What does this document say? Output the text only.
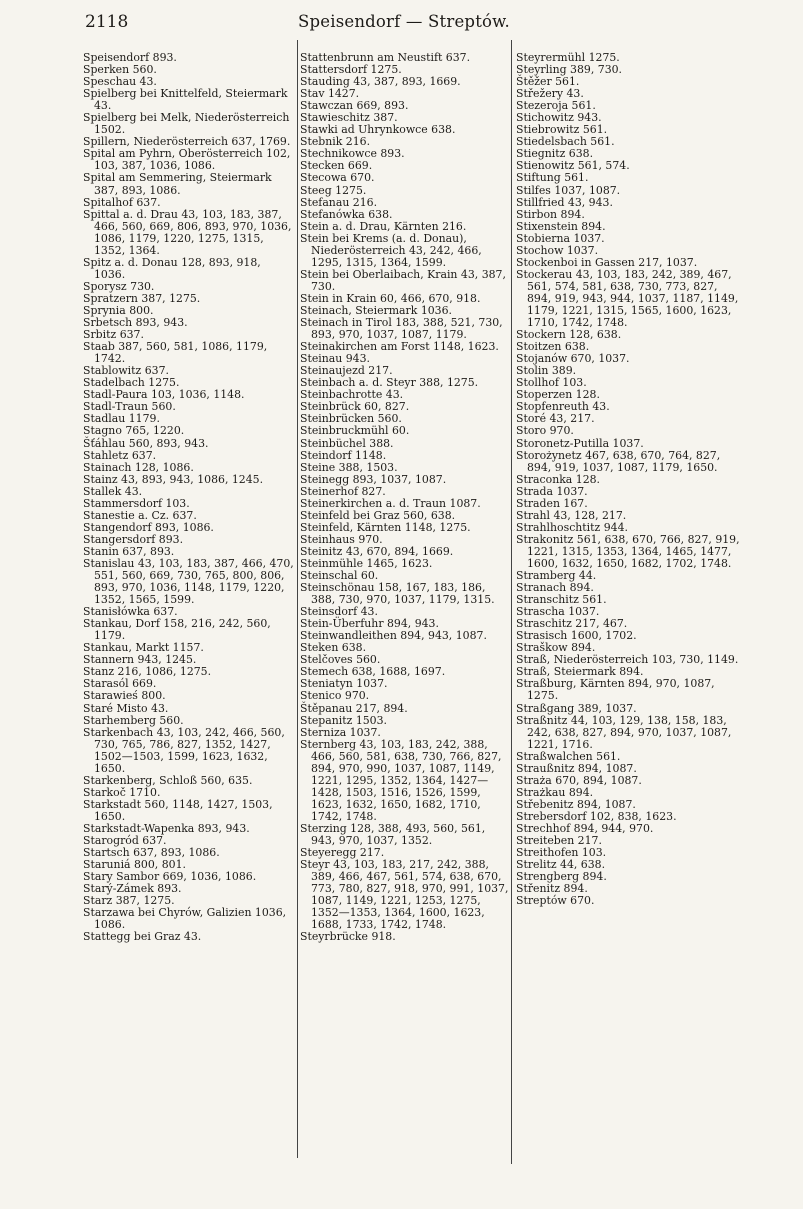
2118	Speisendorf — Streptów.
Speisendorf 893.
Sperken 560.
Speschau 43.
Spielberg bei Knittelfeld, Steiermark 43.
Spielberg bei Melk, Niederösterreich 1502.
Spillern, Niederösterreich 637, 1769.
Spital am Pyhrn, Oberösterreich 102, 103, 387, 1036, 1086.
Spital am Semmering, Steiermark 387, 893, 1086.
Spitalhof 637.
Spittal a. d. Drau 43, 103, 183, 387, 466, 560, 669, 806, 893, 970, 1036, 1086, 1179, 1220, 1275, 1315, 1352, 1364.
Spitz a. d. Donau 128, 893, 918, 1036.
Sporysz 730.
Spratzern 387, 1275.
Sprynia 800.
Srbetsch 893, 943.
Srbitz 637.
Staab 387, 560, 581, 1086, 1179, 1742.
Stablowitz 637.
Stadelbach 1275.
Stadl-Paura 103, 1036, 1148.
Stadl-Traun 560.
Stadlau 1179.
Stagno 765, 1220.
Šťáhlau 560, 893, 943.
Stahletz 637.
Stainach 128, 1086.
Stainz 43, 893, 943, 1086, 1245.
Stallek 43.
Stammersdorf 103.
Stanestie a. Cz. 637.
Stangendorf 893, 1086.
Stangersdorf 893.
Stanin 637, 893.
Stanislau 43, 103, 183, 387, 466, 470, 551, 560, 669, 730, 765, 800, 806, 893, 970, 1036, 1148, 1179, 1220, 1352, 1565, 1599.
Stanisłówka 637.
Stankau, Dorf 158, 216, 242, 560, 1179.
Stankau, Markt 1157.
Stannern 943, 1245.
Stanz 216, 1086, 1275.
Starasól 669.
Starawieś 800.
Staré Misto 43.
Starhemberg 560.
Starkenbach 43, 103, 242, 466, 560, 730, 765, 786, 827, 1352, 1427, 1502—1503, 1599, 1623, 1632, 1650.
Starkenberg, Schloß 560, 635.
Starkoč 1710.
Starkstadt 560, 1148, 1427, 1503, 1650.
Starkstadt-Wapenka 893, 943.
Starogród 637.
Startsch 637, 893, 1086.
Staruniá 800, 801.
Stary Sambor 669, 1036, 1086.
Starý-Zámek 893.
Starz 387, 1275.
Starzawa bei Chyrów, Galizien 1036, 1086.
Stattegg bei Graz 43.
Stattenbrunn am Neustift 637.
Stattersdorf 1275.
Stauding 43, 387, 893, 1669.
Stav 1427.
Stawczan 669, 893.
Stawieschitz 387.
Stawki ad Uhrynkowce 638.
Stebnik 216.
Stechnikowce 893.
Stecken 669.
Stecowa 670.
Steeg 1275.
Stefanau 216.
Stefanówka 638.
Stein a. d. Drau, Kärnten 216.
Stein bei Krems (a. d. Donau), Niederösterreich 43, 242, 466, 1295, 1315, 1364, 1599.
Stein bei Oberlaibach, Krain 43, 387, 730.
Stein in Krain 60, 466, 670, 918.
Steinach, Steiermark 1036.
Steinach in Tirol 183, 388, 521, 730, 893, 970, 1037, 1087, 1179.
Steinakirchen am Forst 1148, 1623.
Steinau 943.
Steinaujezd 217.
Steinbach a. d. Steyr 388, 1275.
Steinbachrotte 43.
Steinbrück 60, 827.
Steinbrücken 560.
Steinbruckmühl 60.
Steinbüchel 388.
Steindorf 1148.
Steine 388, 1503.
Steinegg 893, 1037, 1087.
Steinerhof 827.
Steinerkirchen a. d. Traun 1087.
Steinfeld bei Graz 560, 638.
Steinfeld, Kärnten 1148, 1275.
Steinhaus 970.
Steinitz 43, 670, 894, 1669.
Steinmühle 1465, 1623.
Steinschal 60.
Steinschönau 158, 167, 183, 186, 388, 730, 970, 1037, 1179, 1315.
Steinsdorf 43.
Stein-Überfuhr 894, 943.
Steinwandleithen 894, 943, 1087.
Steken 638.
Stelčoves 560.
Stemech 638, 1688, 1697.
Steniatyn 1037.
Stenico 970.
Štěpanau 217, 894.
Stepanitz 1503.
Sterniza 1037.
Sternberg 43, 103, 183, 242, 388, 466, 560, 581, 638, 730, 766, 827, 894, 970, 990, 1037, 1087, 1149, 1221, 1295, 1352, 1364, 1427—1428, 1503, 1516, 1526, 1599, 1623, 1632, 1650, 1682, 1710, 1742, 1748.
Sterzing 128, 388, 493, 560, 561, 943, 970, 1037, 1352.
Steyeregg 217.
Steyr 43, 103, 183, 217, 242, 388, 389, 466, 467, 561, 574, 638, 670, 773, 780, 827, 918, 970, 991, 1037, 1087, 1149, 1221, 1253, 1275, 1352—1353, 1364, 1600, 1623, 1688, 1733, 1742, 1748.
Steyrbrücke 918.
Steyrermühl 1275.
Steyrling 389, 730.
Štěžer 561.
Střežery 43.
Stezeroja 561.
Stichowitz 943.
Stiebrowitz 561.
Stiedelsbach 561.
Stiegnitz 638.
Stienowitz 561, 574.
Stiftung 561.
Stilfes 1037, 1087.
Stillfried 43, 943.
Stirbon 894.
Stixenstein 894.
Stobierna 1037.
Stochow 1037.
Stockenboi in Gassen 217, 1037.
Stockerau 43, 103, 183, 242, 389, 467, 561, 574, 581, 638, 730, 773, 827, 894, 919, 943, 944, 1037, 1187, 1149, 1179, 1221, 1315, 1565, 1600, 1623, 1710, 1742, 1748.
Stockern 128, 638.
Stoitzen 638.
Stojanów 670, 1037.
Stolin 389.
Stollhof 103.
Stoperzen 128.
Stopfenreuth 43.
Storé 43, 217.
Storo 970.
Storonetz-Putilla 1037.
Storożynetz 467, 638, 670, 764, 827, 894, 919, 1037, 1087, 1179, 1650.
Straconka 128.
Strada 1037.
Straden 167.
Strahl 43, 128, 217.
Strahlhoschtitz 944.
Strakonitz 561, 638, 670, 766, 827, 919, 1221, 1315, 1353, 1364, 1465, 1477, 1600, 1632, 1650, 1682, 1702, 1748.
Stramberg 44.
Stranach 894.
Stranschitz 561.
Strascha 1037.
Straschitz 217, 467.
Strasisch 1600, 1702.
Straškow 894.
Straß, Niederösterreich 103, 730, 1149.
Straß, Steiermark 894.
Straßburg, Kärnten 894, 970, 1087, 1275.
Straßgang 389, 1037.
Straßnitz 44, 103, 129, 138, 158, 183, 242, 638, 827, 894, 970, 1037, 1087, 1221, 1716.
Straßwalchen 561.
Straußnitz 894, 1087.
Straża 670, 894, 1087.
Strażkau 894.
Střebenitz 894, 1087.
Strebersdorf 102, 838, 1623.
Strechhof 894, 944, 970.
Streiteben 217.
Streithofen 103.
Strelitz 44, 638.
Strengberg 894.
Střenitz 894.
Streptów 670.
